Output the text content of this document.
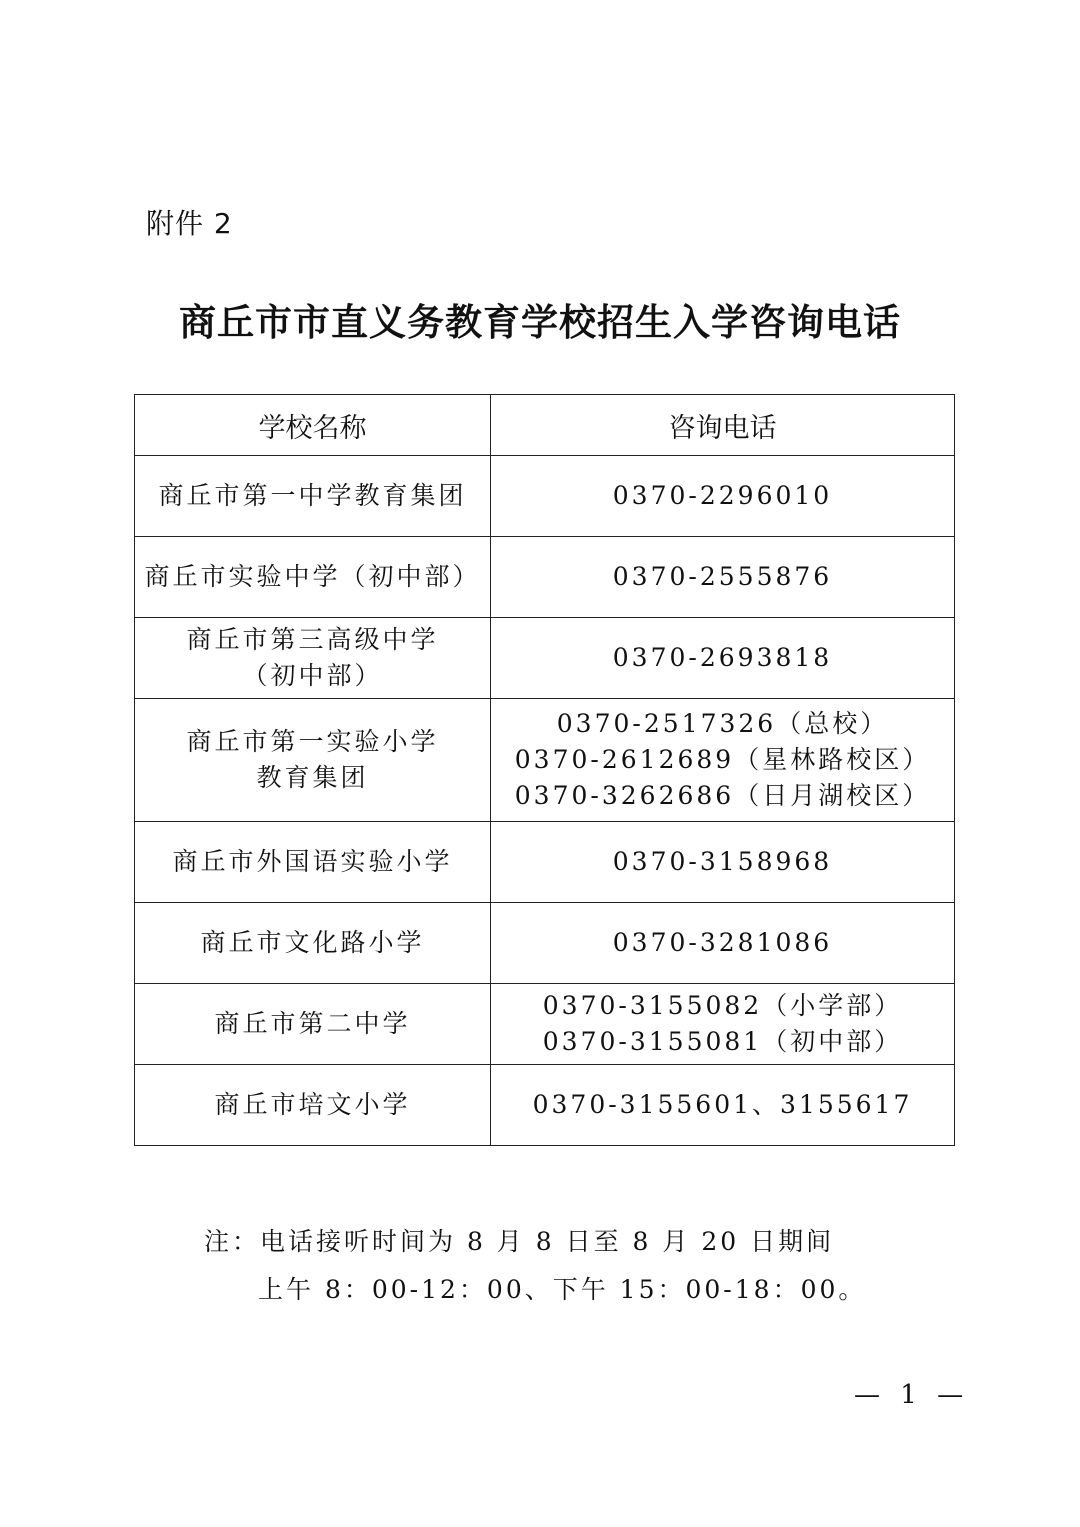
附件 2
商丘市市直义务教育学校招生入学咨询电话
学校名称	咨询电话

商丘市第一中学教育集团	0370-2296010

商丘市实验中学（初中部）	0370-2555876

商丘市第三高级中学
（初中部）	0370-2693818

商丘市第一实验小学
教育集团	0370-2517326（总校）
0370-2612689（星林路校区）
0370-3262686（日月湖校区）

商丘市外国语实验小学	0370-3158968

商丘市文化路小学	0370-3281086

商丘市第二中学	0370-3155082（小学部）
0370-3155081（初中部）

商丘市培文小学	0370-3155601、3155617
注：电话接听时间为 8 月 8 日至 8 月 20 日期间
上午 8：00-12：00、下午 15：00-18：00。
— 1 —
